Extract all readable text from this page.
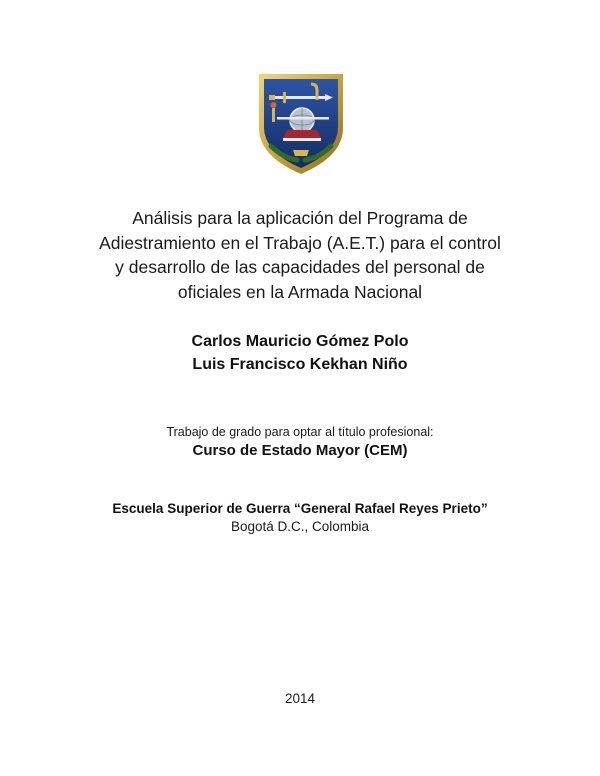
Análisis para la aplicación del Programa de
Adiestramiento en el Trabajo (A.E.T.) para el control
y desarrollo de las capacidades del personal de
oficiales en la Armada Nacional
Carlos Mauricio Gómez Polo
Luis Francisco Kekhan Niño
Trabajo de grado para optar al título profesional:
Curso de Estado Mayor (CEM)
Escuela Superior de Guerra “General Rafael Reyes Prieto”
Bogotá D.C., Colombia
2014
